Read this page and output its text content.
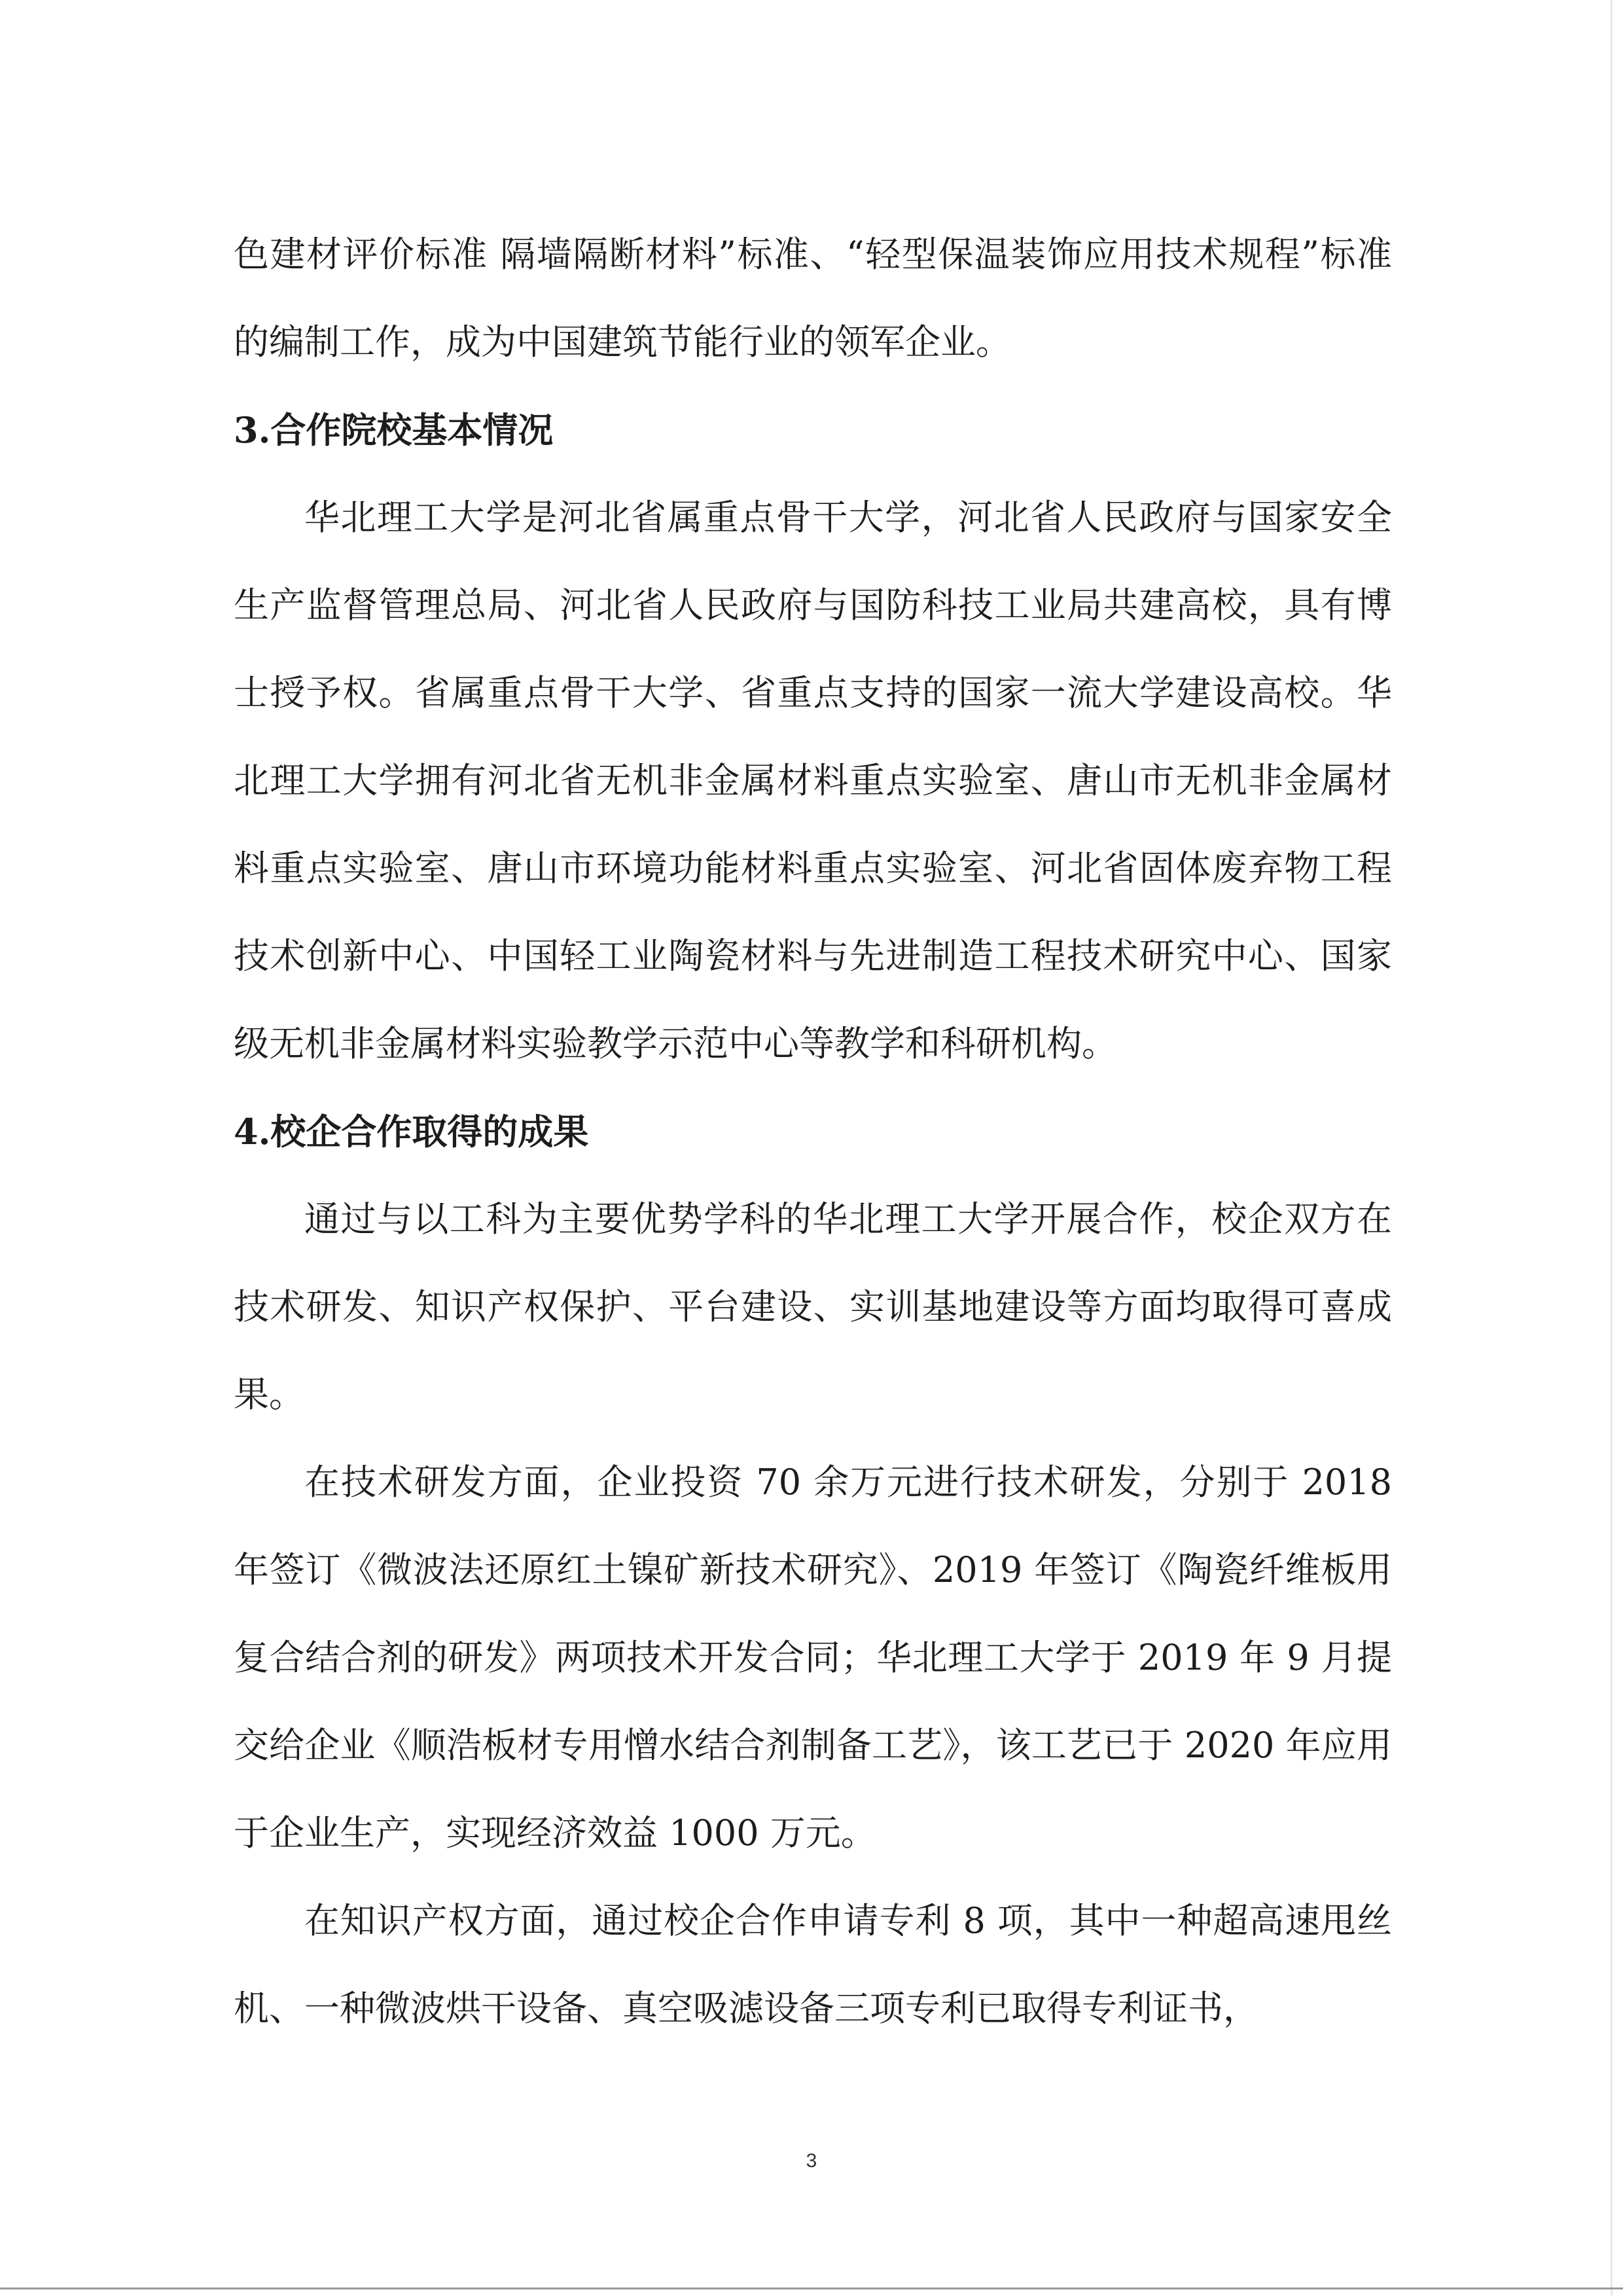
色建材评价标准 隔墙隔断材料”标准、“轻型保温装饰应用技术规程”标准的编制工作，成为中国建筑节能行业的领军企业。

3.合作院校基本情况

华北理工大学是河北省属重点骨干大学，河北省人民政府与国家安全生产监督管理总局、河北省人民政府与国防科技工业局共建高校，具有博士授予权。省属重点骨干大学、省重点支持的国家一流大学建设高校。华北理工大学拥有河北省无机非金属材料重点实验室、唐山市无机非金属材料重点实验室、唐山市环境功能材料重点实验室、河北省固体废弃物工程技术创新中心、中国轻工业陶瓷材料与先进制造工程技术研究中心、国家级无机非金属材料实验教学示范中心等教学和科研机构。

4.校企合作取得的成果

通过与以工科为主要优势学科的华北理工大学开展合作，校企双方在技术研发、知识产权保护、平台建设、实训基地建设等方面均取得可喜成果。

在技术研发方面，企业投资 70 余万元进行技术研发，分别于 2018 年签订《微波法还原红土镍矿新技术研究》、2019 年签订《陶瓷纤维板用复合结合剂的研发》两项技术开发合同；华北理工大学于 2019 年 9 月提交给企业《顺浩板材专用憎水结合剂制备工艺》，该工艺已于 2020 年应用于企业生产，实现经济效益 1000 万元。

在知识产权方面，通过校企合作申请专利 8 项，其中一种超高速甩丝机、一种微波烘干设备、真空吸滤设备三项专利已取得专利证书，

3
